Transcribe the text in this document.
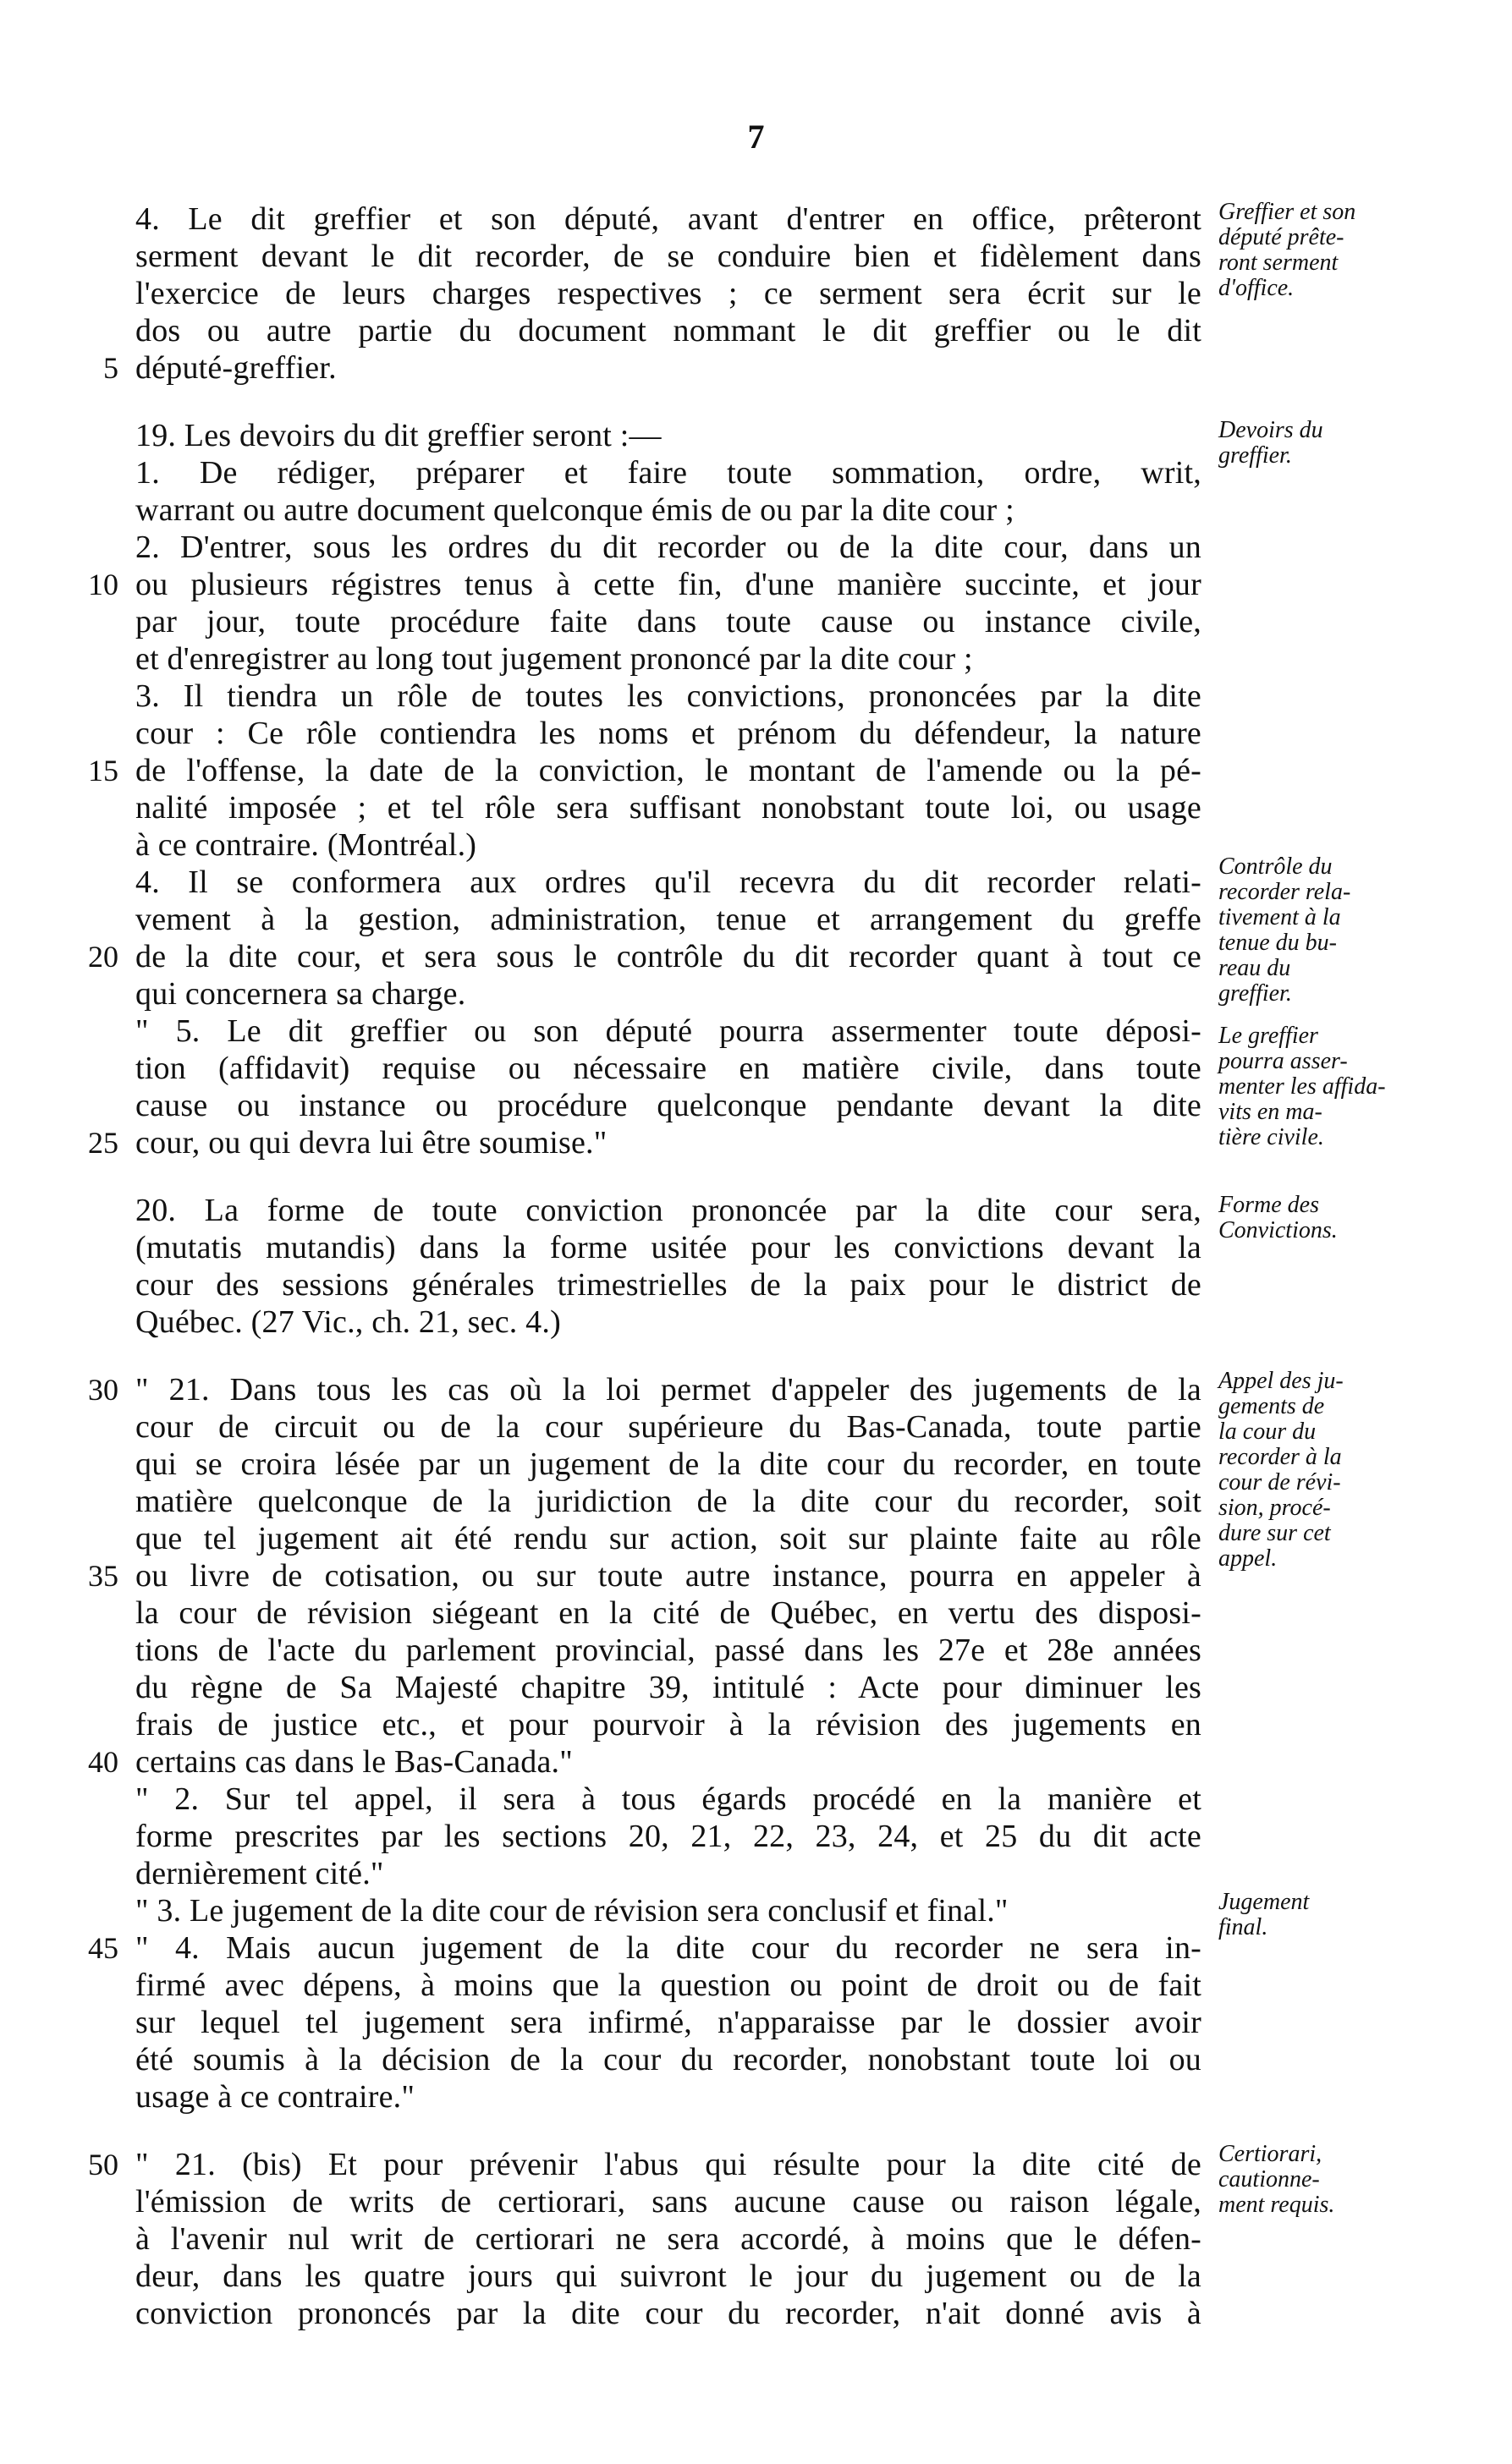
7
4. Le dit greffier et son député, avant d'entrer en office, prêteront
serment devant le dit recorder, de se conduire bien et fidèlement dans
l'exercice de leurs charges respectives ; ce serment sera écrit sur le
dos ou autre partie du document nommant le dit greffier ou le dit
député-greffier.
19. Les devoirs du dit greffier seront :—
1. De rédiger, préparer et faire toute sommation, ordre, writ,
warrant ou autre document quelconque émis de ou par la dite cour ;
2. D'entrer, sous les ordres du dit recorder ou de la dite cour, dans un
ou plusieurs régistres tenus à cette fin, d'une manière succinte, et jour
par jour, toute procédure faite dans toute cause ou instance civile,
et d'enregistrer au long tout jugement prononcé par la dite cour ;
3. Il tiendra un rôle de toutes les convictions, prononcées par la dite
cour : Ce rôle contiendra les noms et prénom du défendeur, la nature
de l'offense, la date de la conviction, le montant de l'amende ou la pé-
nalité imposée ; et tel rôle sera suffisant nonobstant toute loi, ou usage
à ce contraire. (Montréal.)
4. Il se conformera aux ordres qu'il recevra du dit recorder relati-
vement à la gestion, administration, tenue et arrangement du greffe
de la dite cour, et sera sous le contrôle du dit recorder quant à tout ce
qui concernera sa charge.
" 5. Le dit greffier ou son député pourra assermenter toute déposi-
tion (affidavit) requise ou nécessaire en matière civile, dans toute
cause ou instance ou procédure quelconque pendante devant la dite
cour, ou qui devra lui être soumise."
20. La forme de toute conviction prononcée par la dite cour sera,
(mutatis mutandis) dans la forme usitée pour les convictions devant la
cour des sessions générales trimestrielles de la paix pour le district de
Québec. (27 Vic., ch. 21, sec. 4.)
" 21. Dans tous les cas où la loi permet d'appeler des jugements de la
cour de circuit ou de la cour supérieure du Bas-Canada, toute partie
qui se croira lésée par un jugement de la dite cour du recorder, en toute
matière quelconque de la juridiction de la dite cour du recorder, soit
que tel jugement ait été rendu sur action, soit sur plainte faite au rôle
ou livre de cotisation, ou sur toute autre instance, pourra en appeler à
la cour de révision siégeant en la cité de Québec, en vertu des disposi-
tions de l'acte du parlement provincial, passé dans les 27e et 28e années
du règne de Sa Majesté chapitre 39, intitulé : Acte pour diminuer les
frais de justice etc., et pour pourvoir à la révision des jugements en
certains cas dans le Bas-Canada."
" 2. Sur tel appel, il sera à tous égards procédé en la manière et
forme prescrites par les sections 20, 21, 22, 23, 24, et 25 du dit acte
dernièrement cité."
" 3. Le jugement de la dite cour de révision sera conclusif et final."
" 4. Mais aucun jugement de la dite cour du recorder ne sera in-
firmé avec dépens, à moins que la question ou point de droit ou de fait
sur lequel tel jugement sera infirmé, n'apparaisse par le dossier avoir
été soumis à la décision de la cour du recorder, nonobstant toute loi ou
usage à ce contraire."
" 21. (bis) Et pour prévenir l'abus qui résulte pour la dite cité de
l'émission de writs de certiorari, sans aucune cause ou raison légale,
à l'avenir nul writ de certiorari ne sera accordé, à moins que le défen-
deur, dans les quatre jours qui suivront le jour du jugement ou de la
conviction prononcés par la dite cour du recorder, n'ait donné avis à
5
10
15
20
25
30
35
40
45
50
Greffier et son
député prête-
ront serment
d'office.
Devoirs du
greffier.
Contrôle du
recorder rela-
tivement à la
tenue du bu-
reau du
greffier.
Le greffier
pourra asser-
menter les affida-
vits en ma-
tière civile.
Forme des
Convictions.
Appel des ju-
gements de
la cour du
recorder à la
cour de révi-
sion, procé-
dure sur cet
appel.
Jugement
final.
Certiorari,
cautionne-
ment requis.
